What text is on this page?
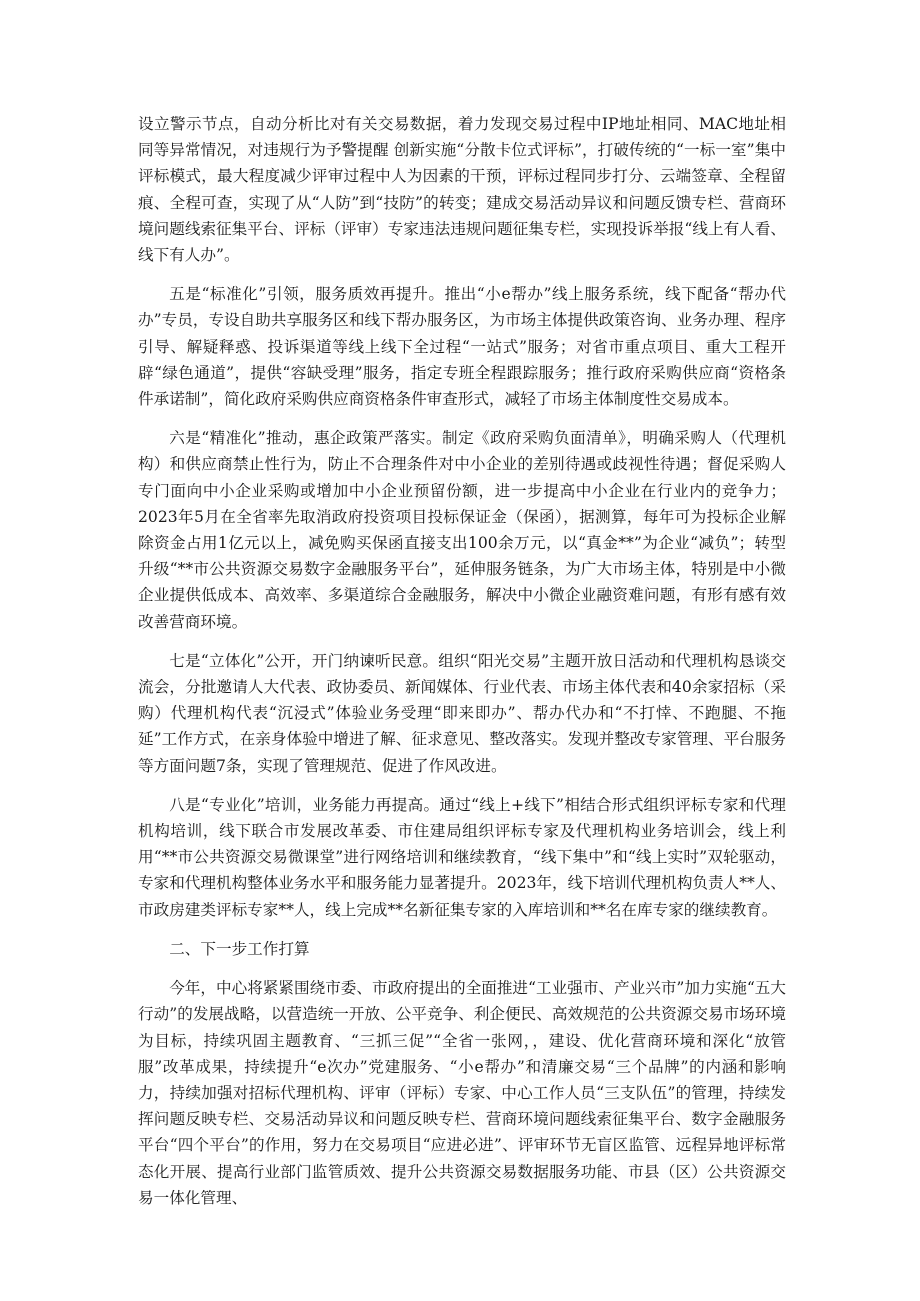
设立警示节点，自动分析比对有关交易数据，着力发现交易过程中IP地址相同、MAC地址相同等异常情况，对违规行为予警提醒 创新实施“分散卡位式评标”，打破传统的“一标一室”集中评标模式，最大程度减少评审过程中人为因素的干预，评标过程同步打分、云端签章、全程留痕、全程可查，实现了从“人防”到“技防”的转变；建成交易活动异议和问题反馈专栏、营商环境问题线索征集平台、评标（评审）专家违法违规问题征集专栏，实现投诉举报“线上有人看、线下有人办”。

五是“标准化”引领，服务质效再提升。推出“小e帮办”线上服务系统，线下配备“帮办代办”专员，专设自助共享服务区和线下帮办服务区，为市场主体提供政策咨询、业务办理、程序引导、解疑释惑、投诉渠道等线上线下全过程“一站式”服务；对省市重点项目、重大工程开辟“绿色通道”，提供“容缺受理”服务，指定专班全程跟踪服务；推行政府采购供应商“资格条件承诺制”，简化政府采购供应商资格条件审查形式，减轻了市场主体制度性交易成本。

六是“精准化”推动，惠企政策严落实。制定《政府采购负面清单》，明确采购人（代理机构）和供应商禁止性行为，防止不合理条件对中小企业的差别待遇或歧视性待遇；督促采购人专门面向中小企业采购或增加中小企业预留份额，进一步提高中小企业在行业内的竞争力；2023年5月在全省率先取消政府投资项目投标保证金（保函），据测算，每年可为投标企业解除资金占用1亿元以上，减免购买保函直接支出100余万元，以“真金**”为企业“减负”；转型升级“**市公共资源交易数字金融服务平台”，延伸服务链条，为广大市场主体，特别是中小微企业提供低成本、高效率、多渠道综合金融服务，解决中小微企业融资难问题，有形有感有效改善营商环境。

七是“立体化”公开，开门纳谏听民意。组织“阳光交易”主题开放日活动和代理机构恳谈交流会，分批邀请人大代表、政协委员、新闻媒体、行业代表、市场主体代表和40余家招标（采购）代理机构代表“沉浸式”体验业务受理“即来即办”、帮办代办和“不打悻、不跑腿、不拖延”工作方式，在亲身体验中增进了解、征求意见、整改落实。发现并整改专家管理、平台服务等方面问题7条，实现了管理规范、促进了作风改进。

八是“专业化”培训，业务能力再提高。通过“线上+线下”相结合形式组织评标专家和代理机构培训，线下联合市发展改革委、市住建局组织评标专家及代理机构业务培训会，线上利用“**市公共资源交易微课堂”进行网络培训和继续教育，“线下集中”和“线上实时”双轮驱动，专家和代理机构整体业务水平和服务能力显著提升。2023年，线下培训代理机构负责人**人、市政房建类评标专家**人，线上完成**名新征集专家的入库培训和**名在库专家的继续教育。

二、下一步工作打算

今年，中心将紧紧围绕市委、市政府提出的全面推进“工业强市、产业兴市”加力实施“五大行动”的发展战略，以营造统一开放、公平竞争、利企便民、高效规范的公共资源交易市场环境为目标，持续巩固主题教育、“三抓三促”“全省一张网，，建设、优化营商环境和深化“放管服”改革成果，持续提升“e次办”党建服务、“小e帮办”和清廉交易“三个品牌”的内涵和影响力，持续加强对招标代理机构、评审（评标）专家、中心工作人员“三支队伍”的管理，持续发挥问题反映专栏、交易活动异议和问题反映专栏、营商环境问题线索征集平台、数字金融服务平台“四个平台”的作用，努力在交易项目“应进必进”、评审环节无盲区监管、远程异地评标常态化开展、提高行业部门监管质效、提升公共资源交易数据服务功能、市县（区）公共资源交易一体化管理、
